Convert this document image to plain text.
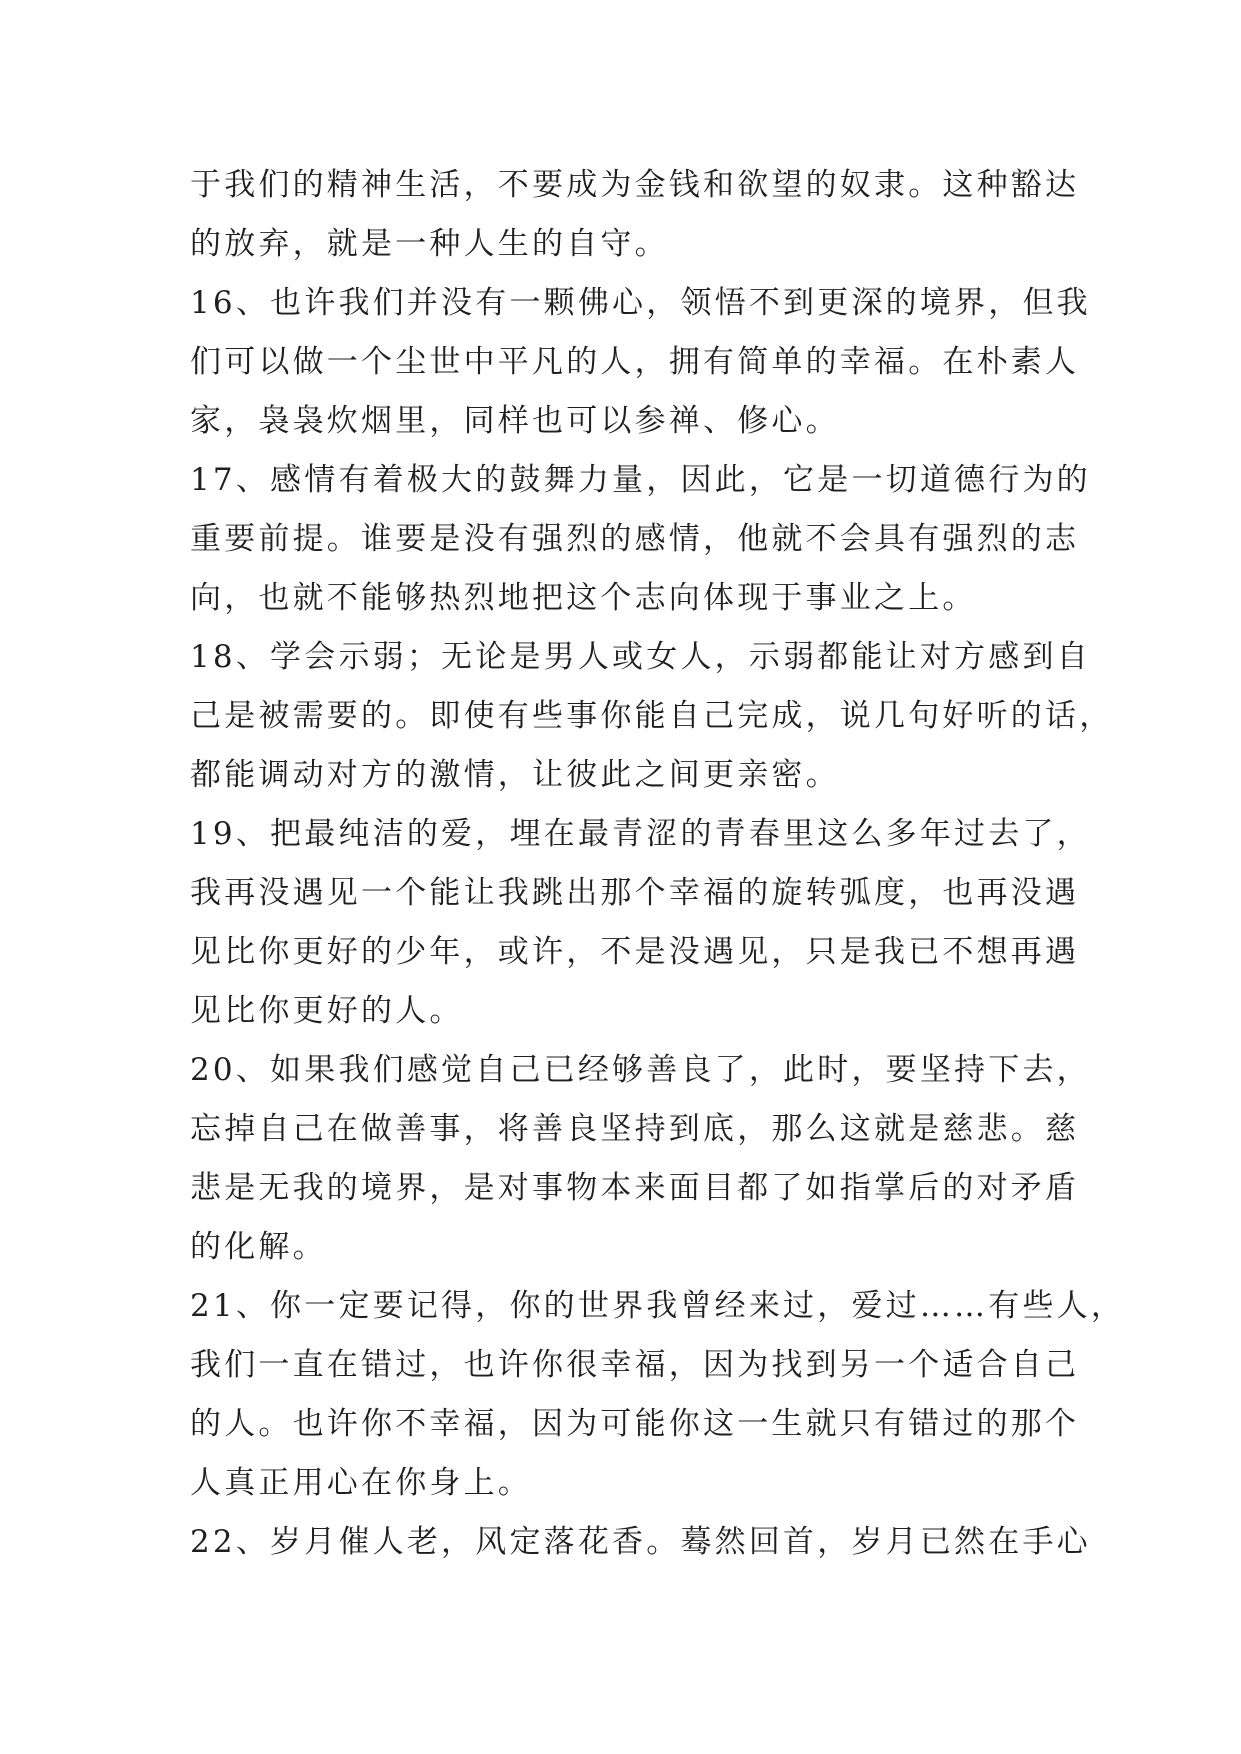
于我们的精神生活，不要成为金钱和欲望的奴隶。这种豁达
的放弃，就是一种人生的自守。
16、也许我们并没有一颗佛心，领悟不到更深的境界，但我
们可以做一个尘世中平凡的人，拥有简单的幸福。在朴素人
家，袅袅炊烟里，同样也可以参禅、修心。
17、感情有着极大的鼓舞力量，因此，它是一切道德行为的
重要前提。谁要是没有强烈的感情，他就不会具有强烈的志
向，也就不能够热烈地把这个志向体现于事业之上。
18、学会示弱；无论是男人或女人，示弱都能让对方感到自
己是被需要的。即使有些事你能自己完成，说几句好听的话，
都能调动对方的激情，让彼此之间更亲密。
19、把最纯洁的爱，埋在最青涩的青春里这么多年过去了，
我再没遇见一个能让我跳出那个幸福的旋转弧度，也再没遇
见比你更好的少年，或许，不是没遇见，只是我已不想再遇
见比你更好的人。
20、如果我们感觉自己已经够善良了，此时，要坚持下去，
忘掉自己在做善事，将善良坚持到底，那么这就是慈悲。慈
悲是无我的境界，是对事物本来面目都了如指掌后的对矛盾
的化解。
21、你一定要记得，你的世界我曾经来过，爱过……有些人，
我们一直在错过，也许你很幸福，因为找到另一个适合自己
的人。也许你不幸福，因为可能你这一生就只有错过的那个
人真正用心在你身上。
22、岁月催人老，风定落花香。蓦然回首，岁月已然在手心
